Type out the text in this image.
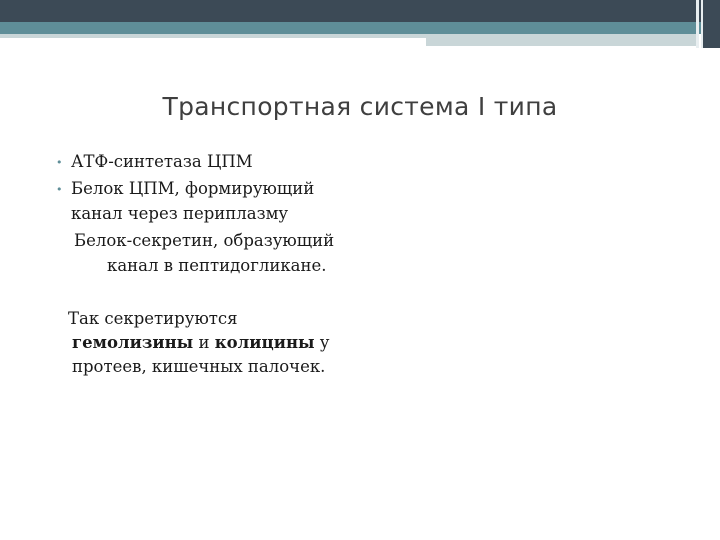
Транспортная система I типа
• АТФ-синтетаза ЦПМ

• Белок ЦПМ, формирующий

канал через периплазму

Белок-секретин, образующий

канал в пептидогликане.

Так секретируются

гемолизины и колицины у

протеев, кишечных палочек.
